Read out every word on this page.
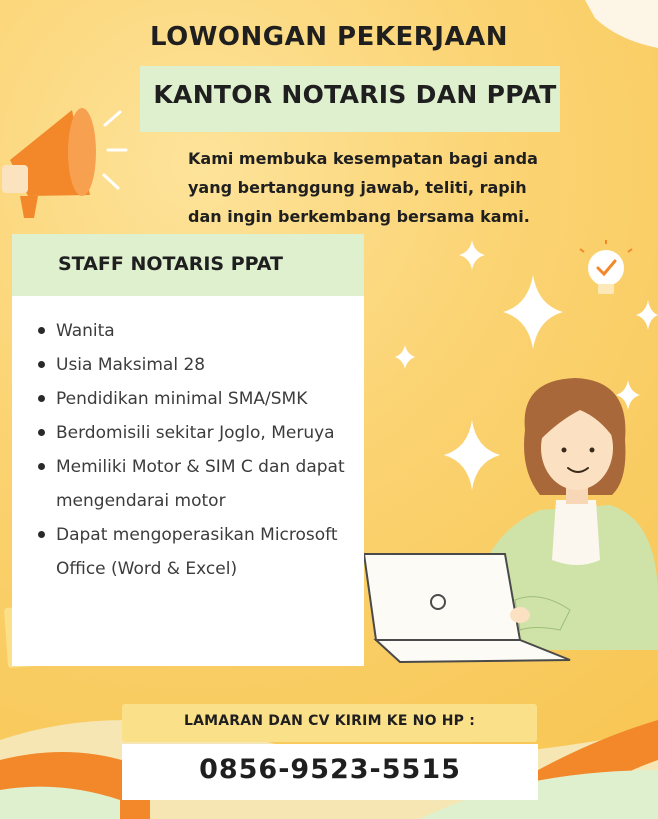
LOWONGAN PEKERJAAN
KANTOR NOTARIS DAN PPAT
Kami membuka kesempatan bagi anda
yang bertanggung jawab, teliti, rapih
dan ingin berkembang bersama kami.
STAFF NOTARIS PPAT
Wanita
Usia Maksimal 28
Pendidikan minimal SMA/SMK
Berdomisili sekitar Joglo, Meruya
Memiliki Motor & SIM C dan dapat
mengendarai motor
Dapat mengoperasikan Microsoft
Office (Word & Excel)
LAMARAN DAN CV KIRIM KE NO HP :
0856-9523-5515
